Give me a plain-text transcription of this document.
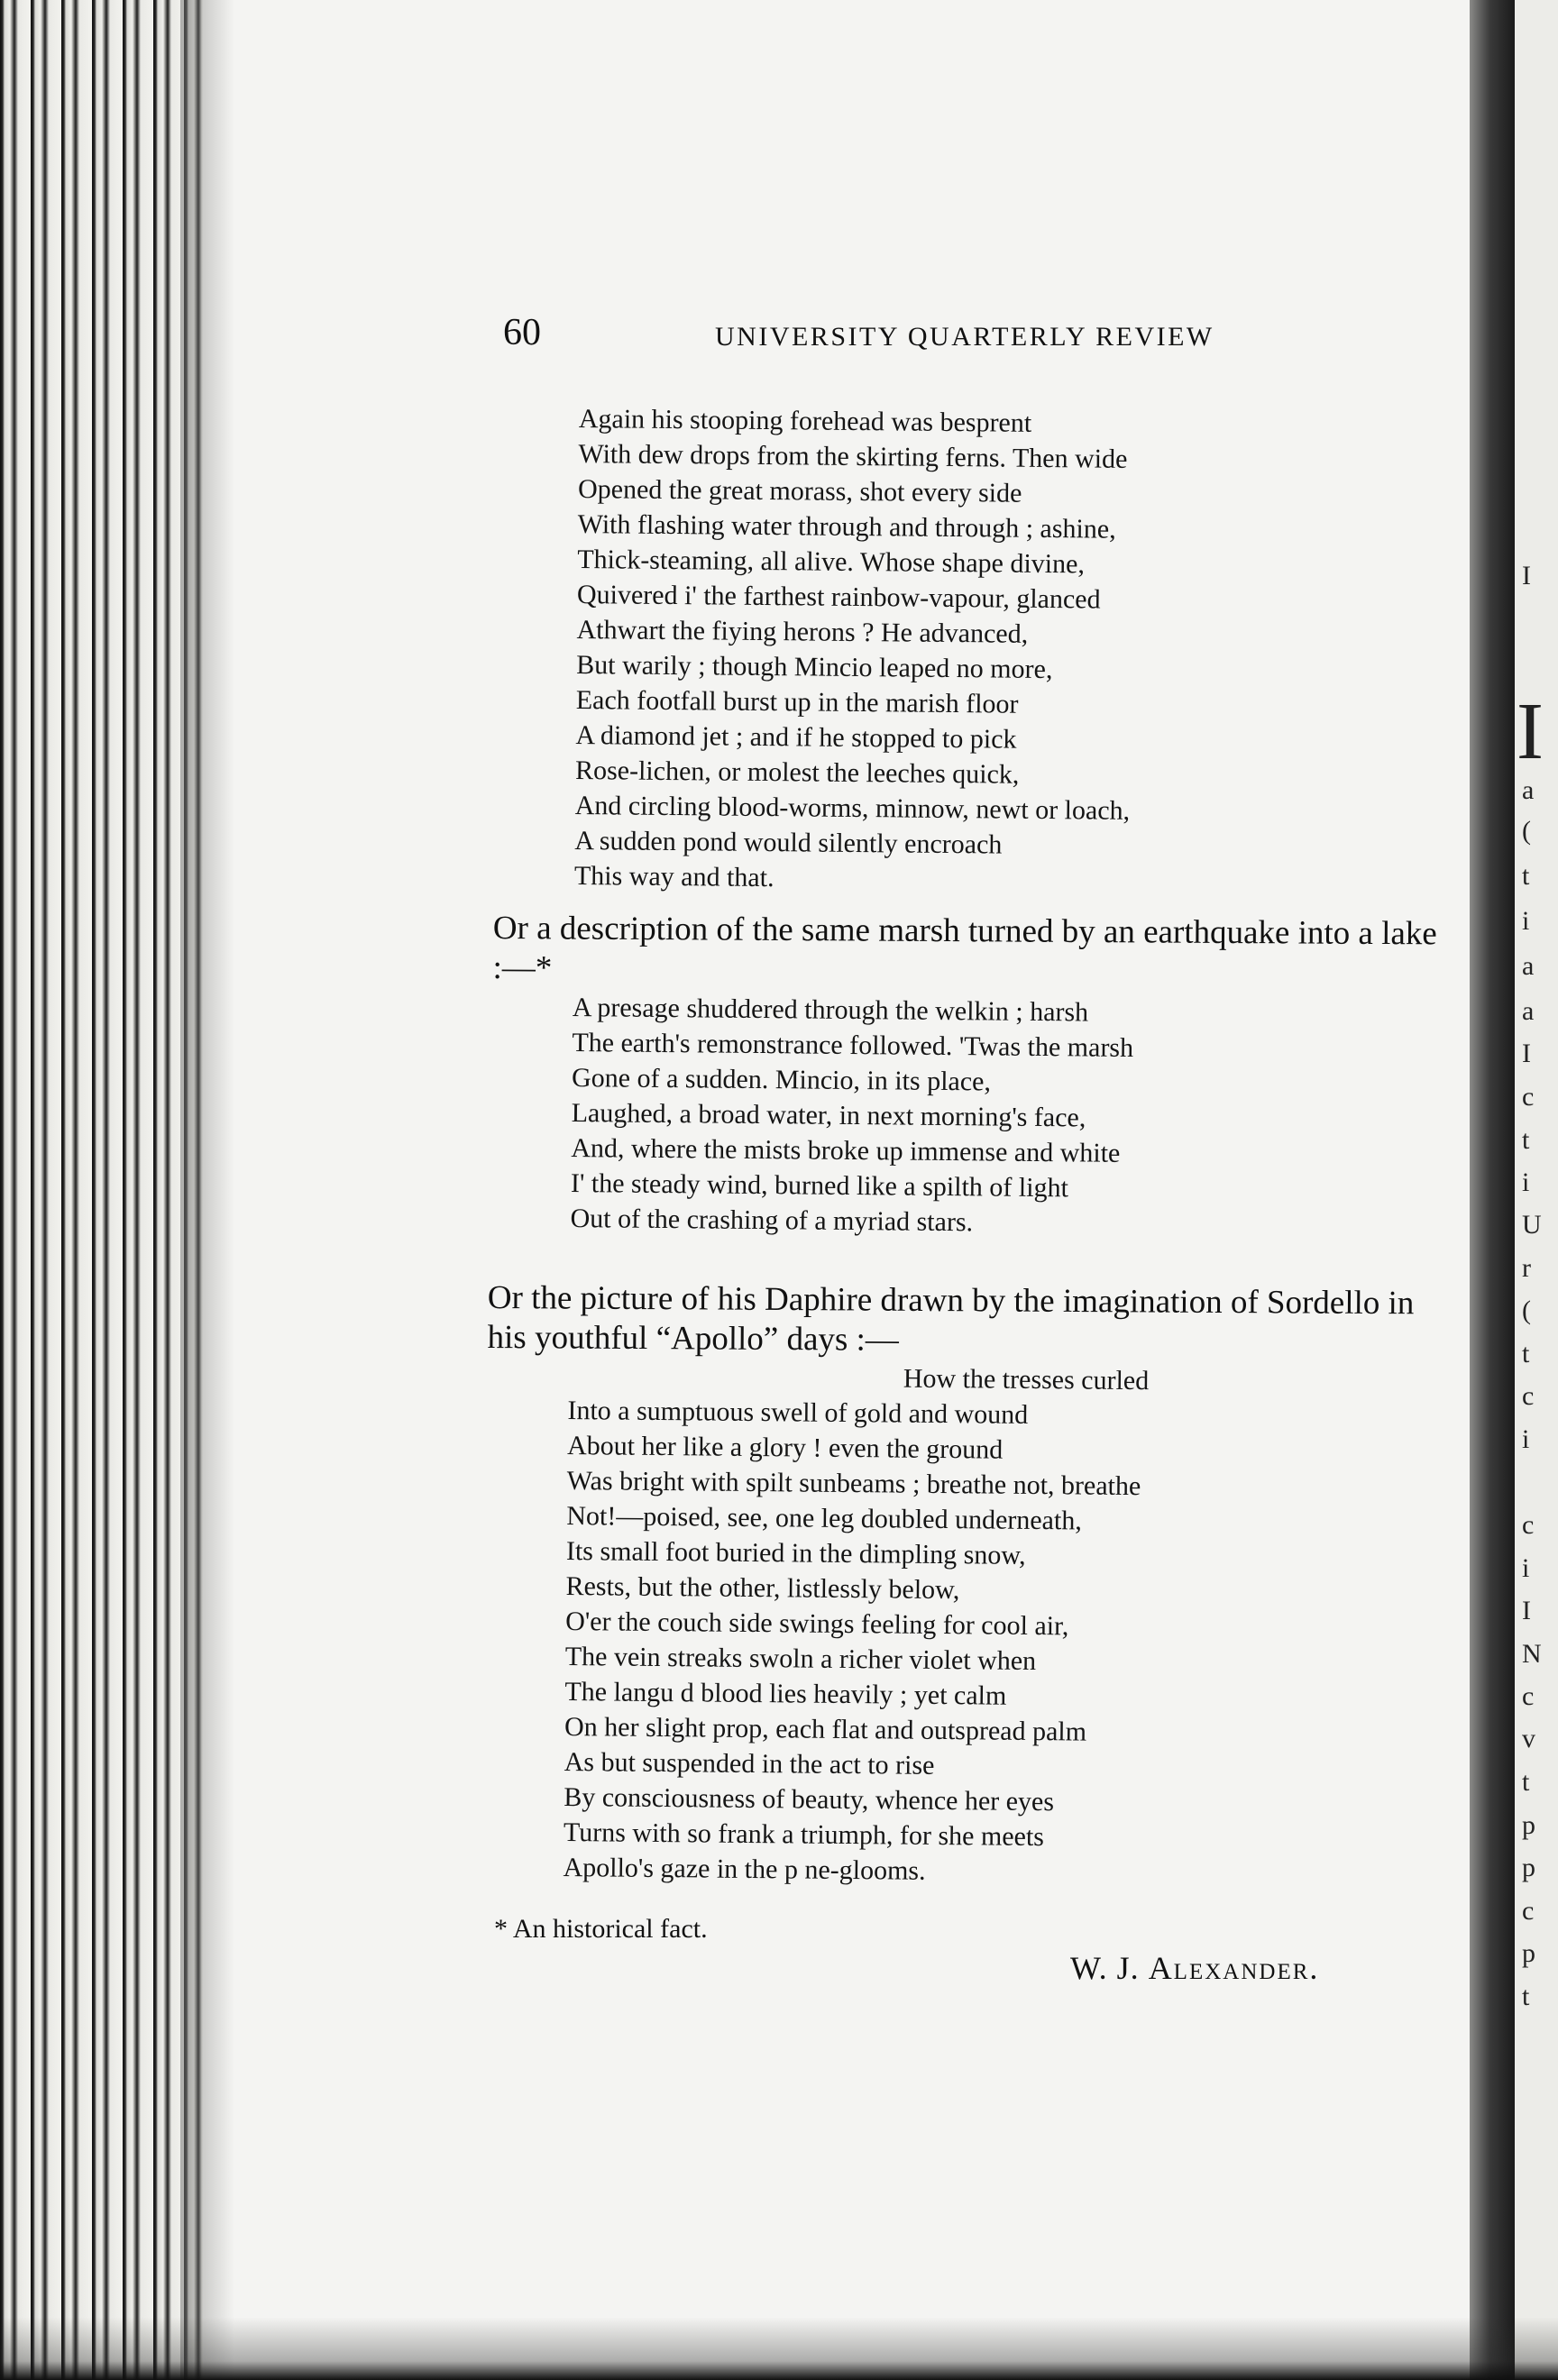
I
I
a
(
t
i
a
a
I
c
t
i
U
r
(
t
c
i
c
i
I
N
c
v
t
p
p
c
p
t
60	UNIVERSITY QUARTERLY REVIEW
Again his stooping forehead was besprent
With dew drops from the skirting ferns. Then wide
Opened the great morass, shot every side
With flashing water through and through ; ashine,
Thick-steaming, all alive. Whose shape divine,
Quivered i' the farthest rainbow-vapour, glanced
Athwart the fiying herons ? He advanced,
But warily ; though Mincio leaped no more,
Each footfall burst up in the marish floor
A diamond jet ; and if he stopped to pick
Rose-lichen, or molest the leeches quick,
And circling blood-worms, minnow, newt or loach,
A sudden pond would silently encroach
This way and that.

Or a description of the same marsh turned by an earthquake into a lake :—*

A presage shuddered through the welkin ; harsh
The earth's remonstrance followed. 'Twas the marsh
Gone of a sudden. Mincio, in its place,
Laughed, a broad water, in next morning's face,
And, where the mists broke up immense and white
I' the steady wind, burned like a spilth of light
Out of the crashing of a myriad stars.

Or the picture of his Daphire drawn by the imagination of Sordello in his youthful “Apollo” days :—

How the tresses curled
Into a sumptuous swell of gold and wound
About her like a glory ! even the ground
Was bright with spilt sunbeams ; breathe not, breathe
Not!—poised, see, one leg doubled underneath,
Its small foot buried in the dimpling snow,
Rests, but the other, listlessly below,
O'er the couch side swings feeling for cool air,
The vein streaks swoln a richer violet when
The langu d blood lies heavily ; yet calm
On her slight prop, each flat and outspread palm
As but suspended in the act to rise
By consciousness of beauty, whence her eyes
Turns with so frank a triumph, for she meets
Apollo's gaze in the p ne-glooms.
* An historical fact.
W. J. Alexander.
